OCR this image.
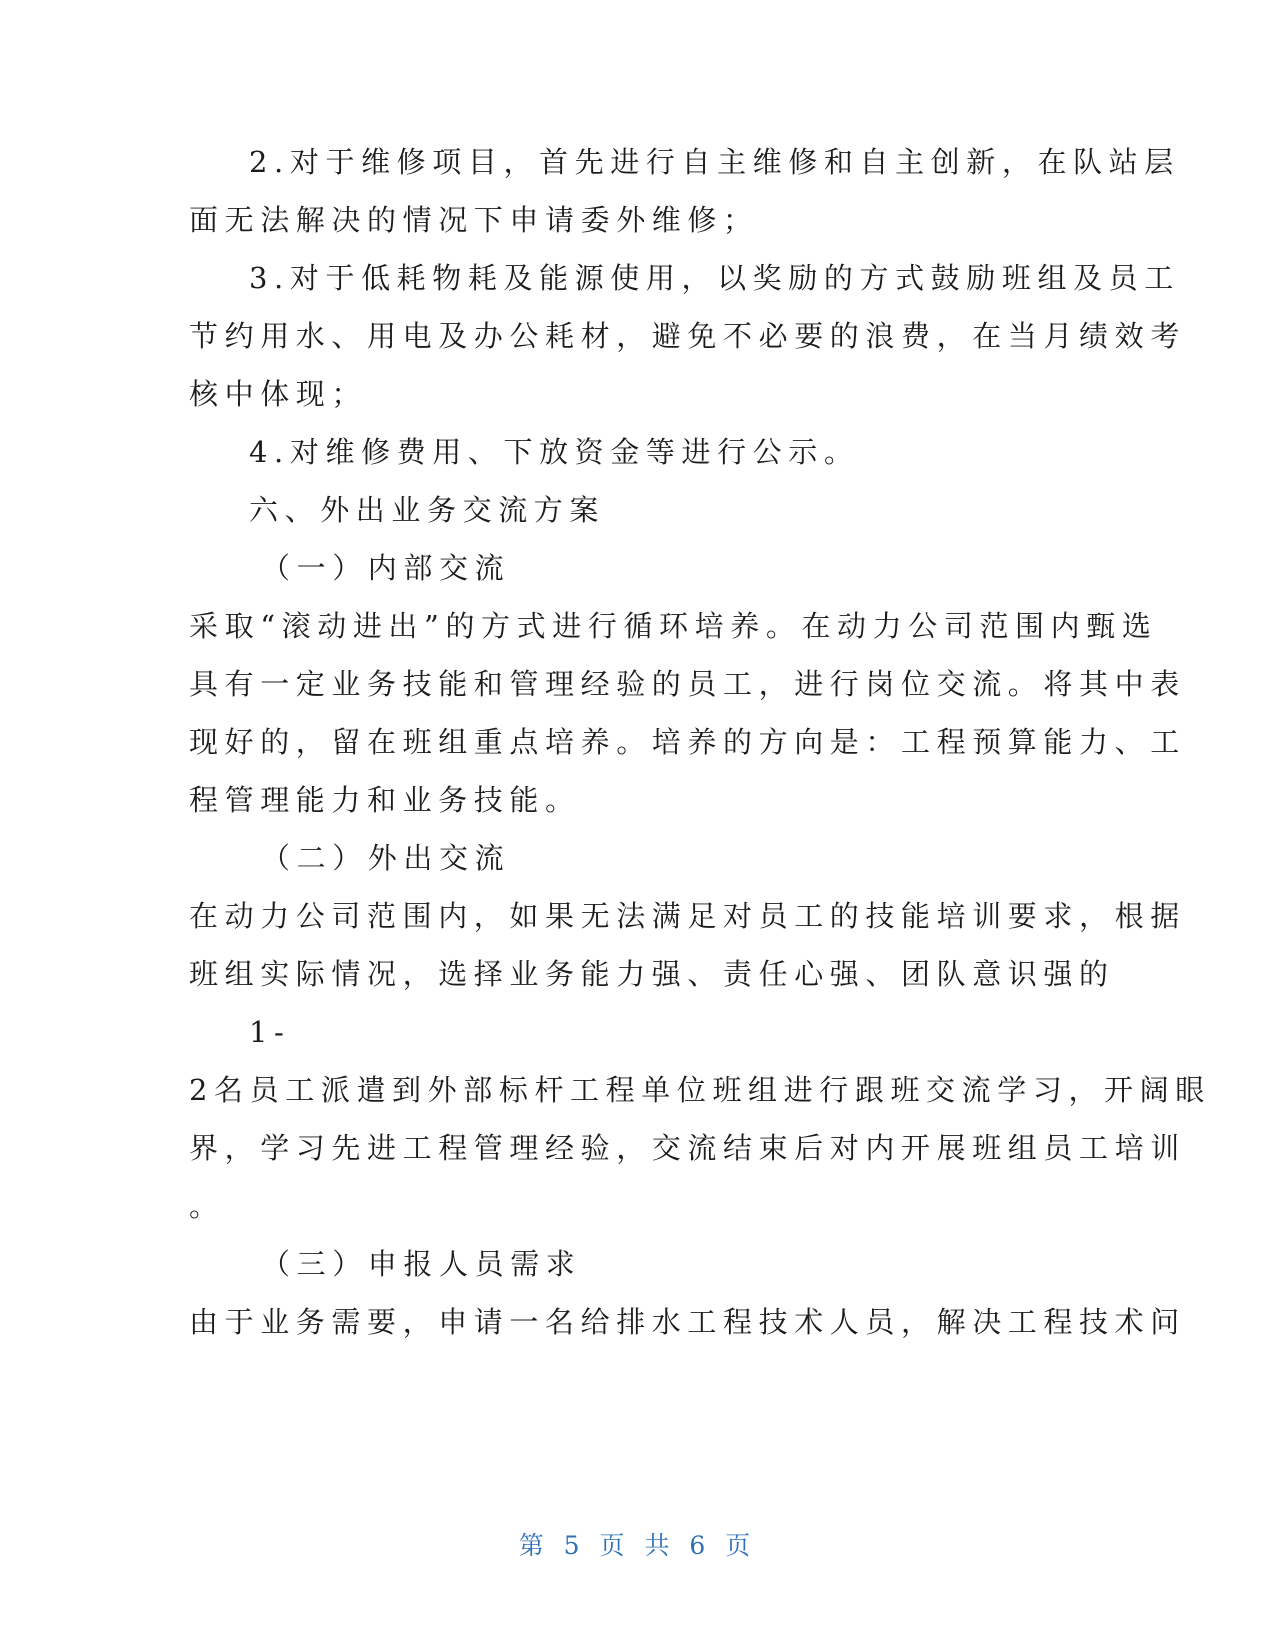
2.对于维修项目，首先进行自主维修和自主创新，在队站层
面无法解决的情况下申请委外维修；
3.对于低耗物耗及能源使用，以奖励的方式鼓励班组及员工
节约用水、用电及办公耗材，避免不必要的浪费，在当月绩效考
核中体现；
4.对维修费用、下放资金等进行公示。
六、外出业务交流方案
（一）内部交流
采取“滚动进出”的方式进行循环培养。在动力公司范围内甄选
具有一定业务技能和管理经验的员工，进行岗位交流。将其中表
现好的，留在班组重点培养。培养的方向是：工程预算能力、工
程管理能力和业务技能。
（二）外出交流
在动力公司范围内，如果无法满足对员工的技能培训要求，根据
班组实际情况，选择业务能力强、责任心强、团队意识强的
1-
2名员工派遣到外部标杆工程单位班组进行跟班交流学习，开阔眼
界，学习先进工程管理经验，交流结束后对内开展班组员工培训
。
（三）申报人员需求
由于业务需要，申请一名给排水工程技术人员，解决工程技术问
第 5 页 共 6 页
